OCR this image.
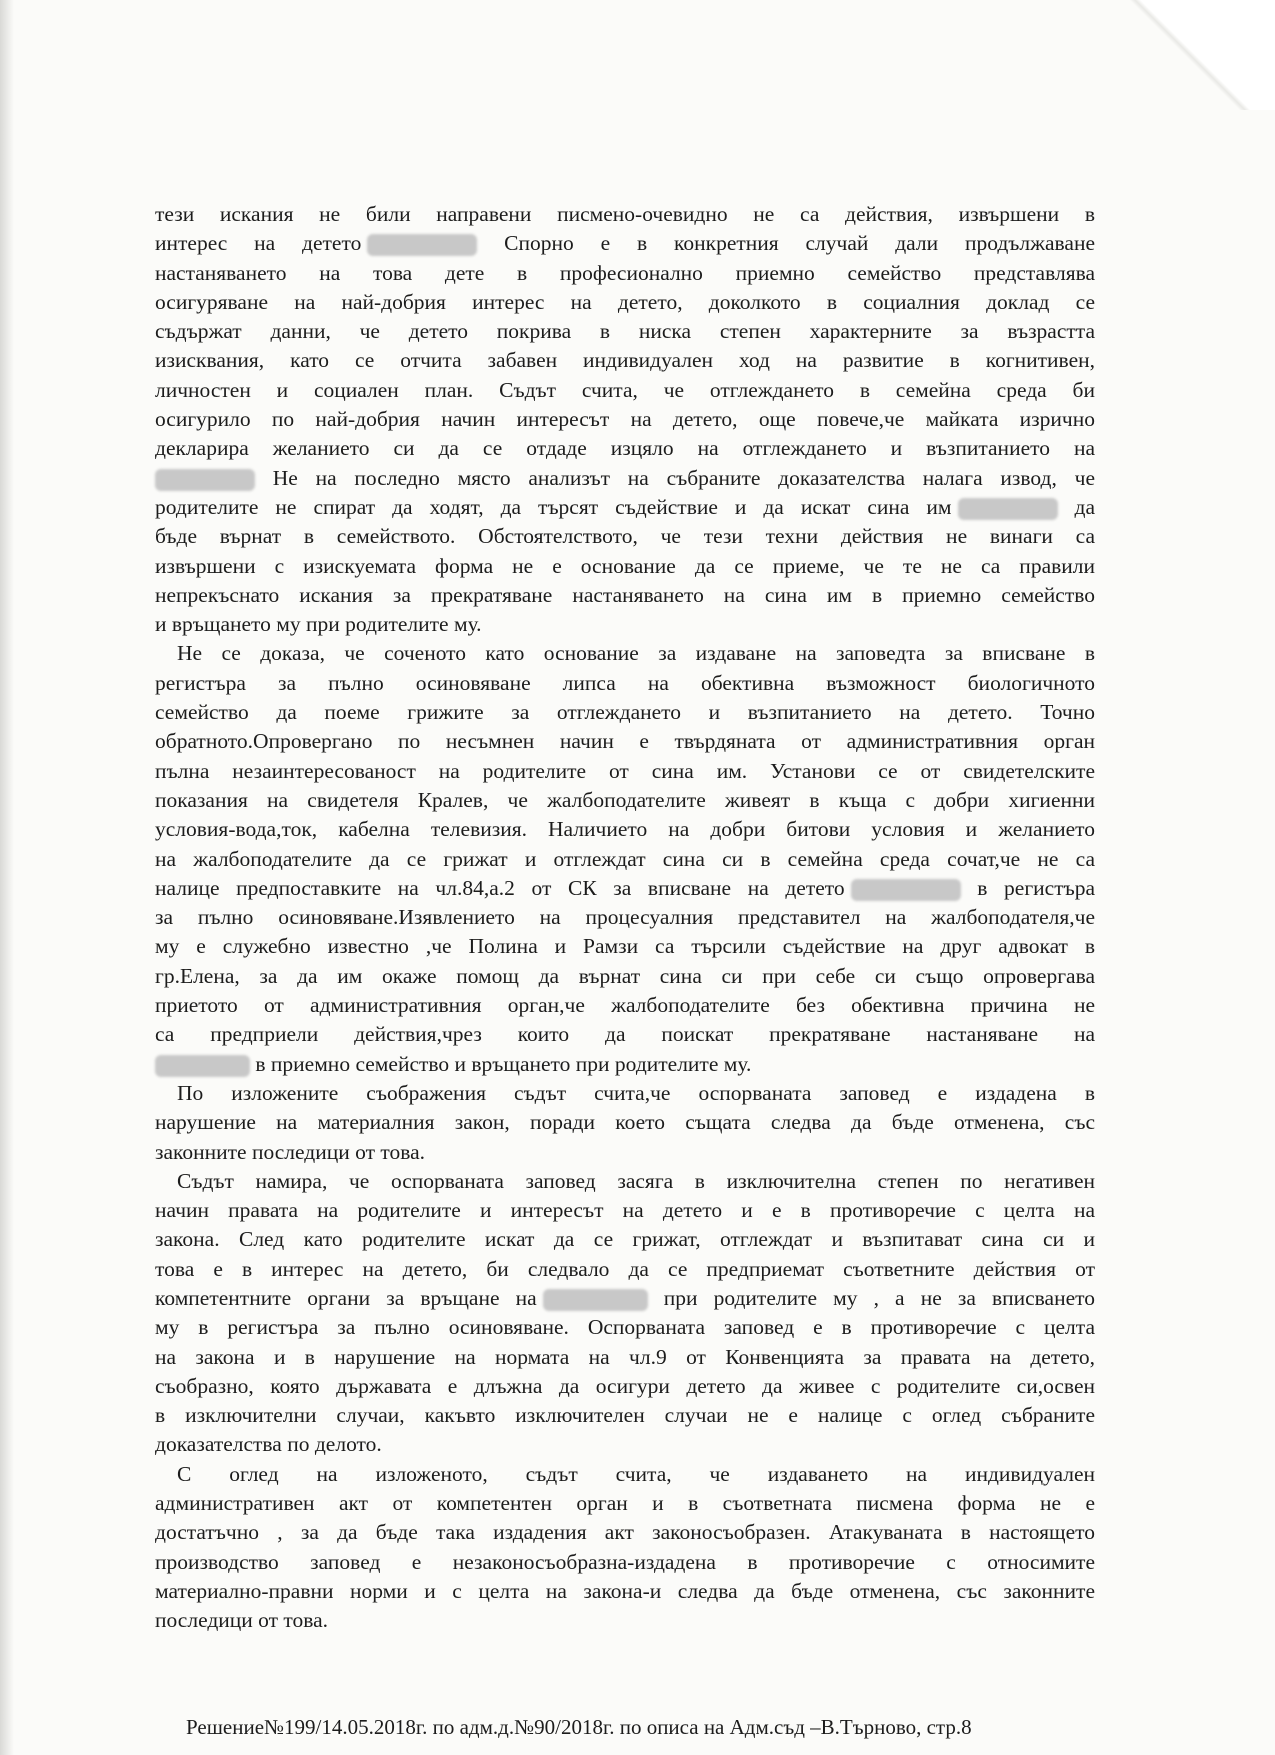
тези искания не били направени писмено-очевидно не са действия, извършени в
интерес на детето	Спорно е в конкретния случай дали продължаване
настаняването на това дете в професионално приемно семейство представлява
осигуряване на най-добрия интерес на детето, доколкото в социалния доклад се
съдържат данни, че детето покрива в ниска степен характерните за възрастта
изисквания, като се отчита забавен индивидуален ход на развитие в когнитивен,
личностен и социален план. Съдът счита, че отглеждането в семейна среда би
осигурило по най-добрия начин интересът на детето, още повече,че майката изрично
декларира желанието си да се отдаде изцяло на отглеждането и възпитанието на
Не на последно място анализът на събраните доказателства налага извод, че
родителите не спират да ходят, да търсят съдействие и да искат сина им	да
бъде върнат в семейството. Обстоятелството, че тези техни действия не винаги са
извършени с изискуемата форма не е основание да се приеме, че те не са правили
непрекъснато искания за прекратяване настаняването на сина им в приемно семейство
и връщането му при родителите му.
Не се доказа, че соченото като основание за издаване на заповедта за вписване в
регистъра за пълно осиновяване липса на обективна възможност биологичното
семейство да поеме грижите за отглеждането и възпитанието на детето. Точно
обратното.Опровергано по несъмнен начин е твърдяната от административния орган
пълна незаинтересованост на родителите от сина им. Установи се от свидетелските
показания на свидетеля Кралев, че жалбоподателите живеят в къща с добри хигиенни
условия-вода,ток, кабелна телевизия. Наличието на добри битови условия и желанието
на жалбоподателите да се грижат и отглеждат сина си в семейна среда сочат,че не са
налице предпоставките на чл.84,а.2 от СК за вписване на детето	в регистъра
за пълно осиновяване.Изявлението на процесуалния представител на жалбоподателя,че
му е служебно известно ,че Полина и Рамзи са търсили съдействие на друг адвокат в
гр.Елена, за да им окаже помощ да върнат сина си при себе си също опровергава
приетото от административния орган,че жалбоподателите без обективна причина не
са предприели действия,чрез които да поискат прекратяване настаняване на
в приемно семейство и връщането при родителите му.
По изложените съображения съдът счита,че оспорваната заповед е издадена в
нарушение на материалния закон, поради което същата следва да бъде отменена, със
законните последици от това.
Съдът намира, че оспорваната заповед засяга в изключителна степен по негативен
начин правата на родителите и интересът на детето и е в противоречие с целта на
закона. След като родителите искат да се грижат, отглеждат и възпитават сина си и
това е в интерес на детето, би следвало да се предприемат съответните действия от
компетентните органи за връщане на	при родителите му , а не за вписването
му в регистъра за пълно осиновяване. Оспорваната заповед е в противоречие с целта
на закона и в нарушение на нормата на чл.9 от Конвенцията за правата на детето,
съобразно, която държавата е длъжна да осигури детето да живее с родителите си,освен
в изключителни случаи, какъвто изключителен случаи не е налице с оглед събраните
доказателства по делото.
С оглед на изложеното, съдът счита, че издаването на индивидуален
административен акт от компетентен орган и в съответната писмена форма не е
достатъчно , за да бъде така издадения акт законосъобразен. Атакуваната в настоящето
производство заповед е незаконосъобразна-издадена в противоречие с относимите
материално-правни норми и с целта на закона-и следва да бъде отменена, със законните
последици от това.
Решение№199/14.05.2018г. по адм.д.№90/2018г. по описа на Адм.съд –В.Търново, стр.8
